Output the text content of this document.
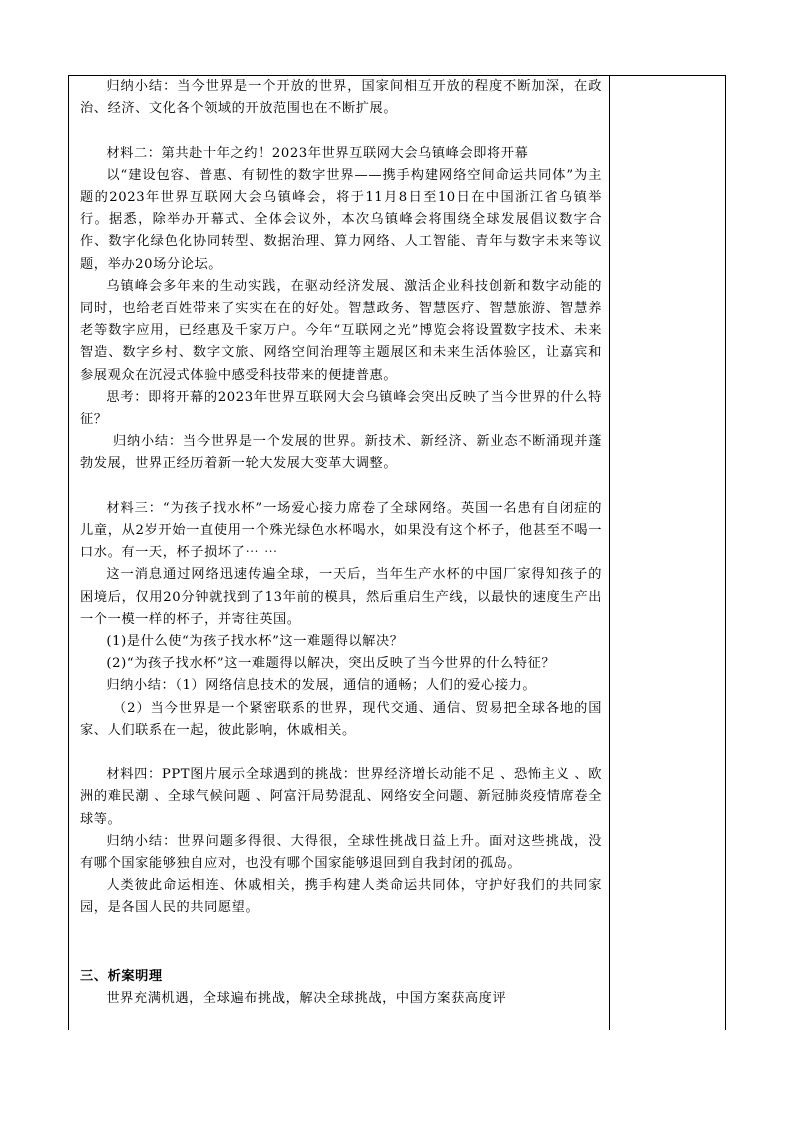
归纳小结：当今世界是一个开放的世界，国家间相互开放的程度不断加深，在政治、经济、文化各个领域的开放范围也在不断扩展。

材料二：第共赴十年之约！2023年世界互联网大会乌镇峰会即将开幕

以“建设包容、普惠、有韧性的数字世界——携手构建网络空间命运共同体”为主题的2023年世界互联网大会乌镇峰会，将于11月8日至10日在中国浙江省乌镇举行。据悉，除举办开幕式、全体会议外，本次乌镇峰会将围绕全球发展倡议数字合作、数字化绿色化协同转型、数据治理、算力网络、人工智能、青年与数字未来等议题，举办20场分论坛。

乌镇峰会多年来的生动实践，在驱动经济发展、激活企业科技创新和数字动能的同时，也给老百姓带来了实实在在的好处。智慧政务、智慧医疗、智慧旅游、智慧养老等数字应用，已经惠及千家万户。今年“互联网之光”博览会将设置数字技术、未来智造、数字乡村、数字文旅、网络空间治理等主题展区和未来生活体验区，让嘉宾和参展观众在沉浸式体验中感受科技带来的便捷普惠。

思考：即将开幕的2023年世界互联网大会乌镇峰会突出反映了当今世界的什么特征？

归纳小结：当今世界是一个发展的世界。新技术、新经济、新业态不断涌现并蓬勃发展，世界正经历着新一轮大发展大变革大调整。

材料三：“为孩子找水杯”一场爱心接力席卷了全球网络。英国一名患有自闭症的儿童，从2岁开始一直使用一个殊光绿色水杯喝水，如果没有这个杯子，他甚至不喝一口水。有一天，杯子损坏了⋯ ⋯

这一消息通过网络迅速传遍全球，一天后，当年生产水杯的中国厂家得知孩子的困境后，仅用20分钟就找到了13年前的模具，然后重启生产线，以最快的速度生产出一个一模一样的杯子，并寄往英国。

(1)是什么使“为孩子找水杯”这一难题得以解决？

(2)“为孩子找水杯”这一难题得以解决，突出反映了当今世界的什么特征？

归纳小结：（1）网络信息技术的发展，通信的通畅；人们的爱心接力。

（2）当今世界是一个紧密联系的世界，现代交通、通信、贸易把全球各地的国家、人们联系在一起，彼此影响，休戚相关。

材料四：PPT图片展示全球遇到的挑战：世界经济增长动能不足 、恐怖主义 、欧洲的难民潮 、全球气候问题 、阿富汗局势混乱、网络安全问题、新冠肺炎疫情席卷全球等。

归纳小结：世界问题多得很、大得很，全球性挑战日益上升。面对这些挑战，没有哪个国家能够独自应对，也没有哪个国家能够退回到自我封闭的孤岛。

人类彼此命运相连、休戚相关，携手构建人类命运共同体，守护好我们的共同家园，是各国人民的共同愿望。

三、析案明理

世界充满机遇，全球遍布挑战，解决全球挑战，中国方案获高度评
